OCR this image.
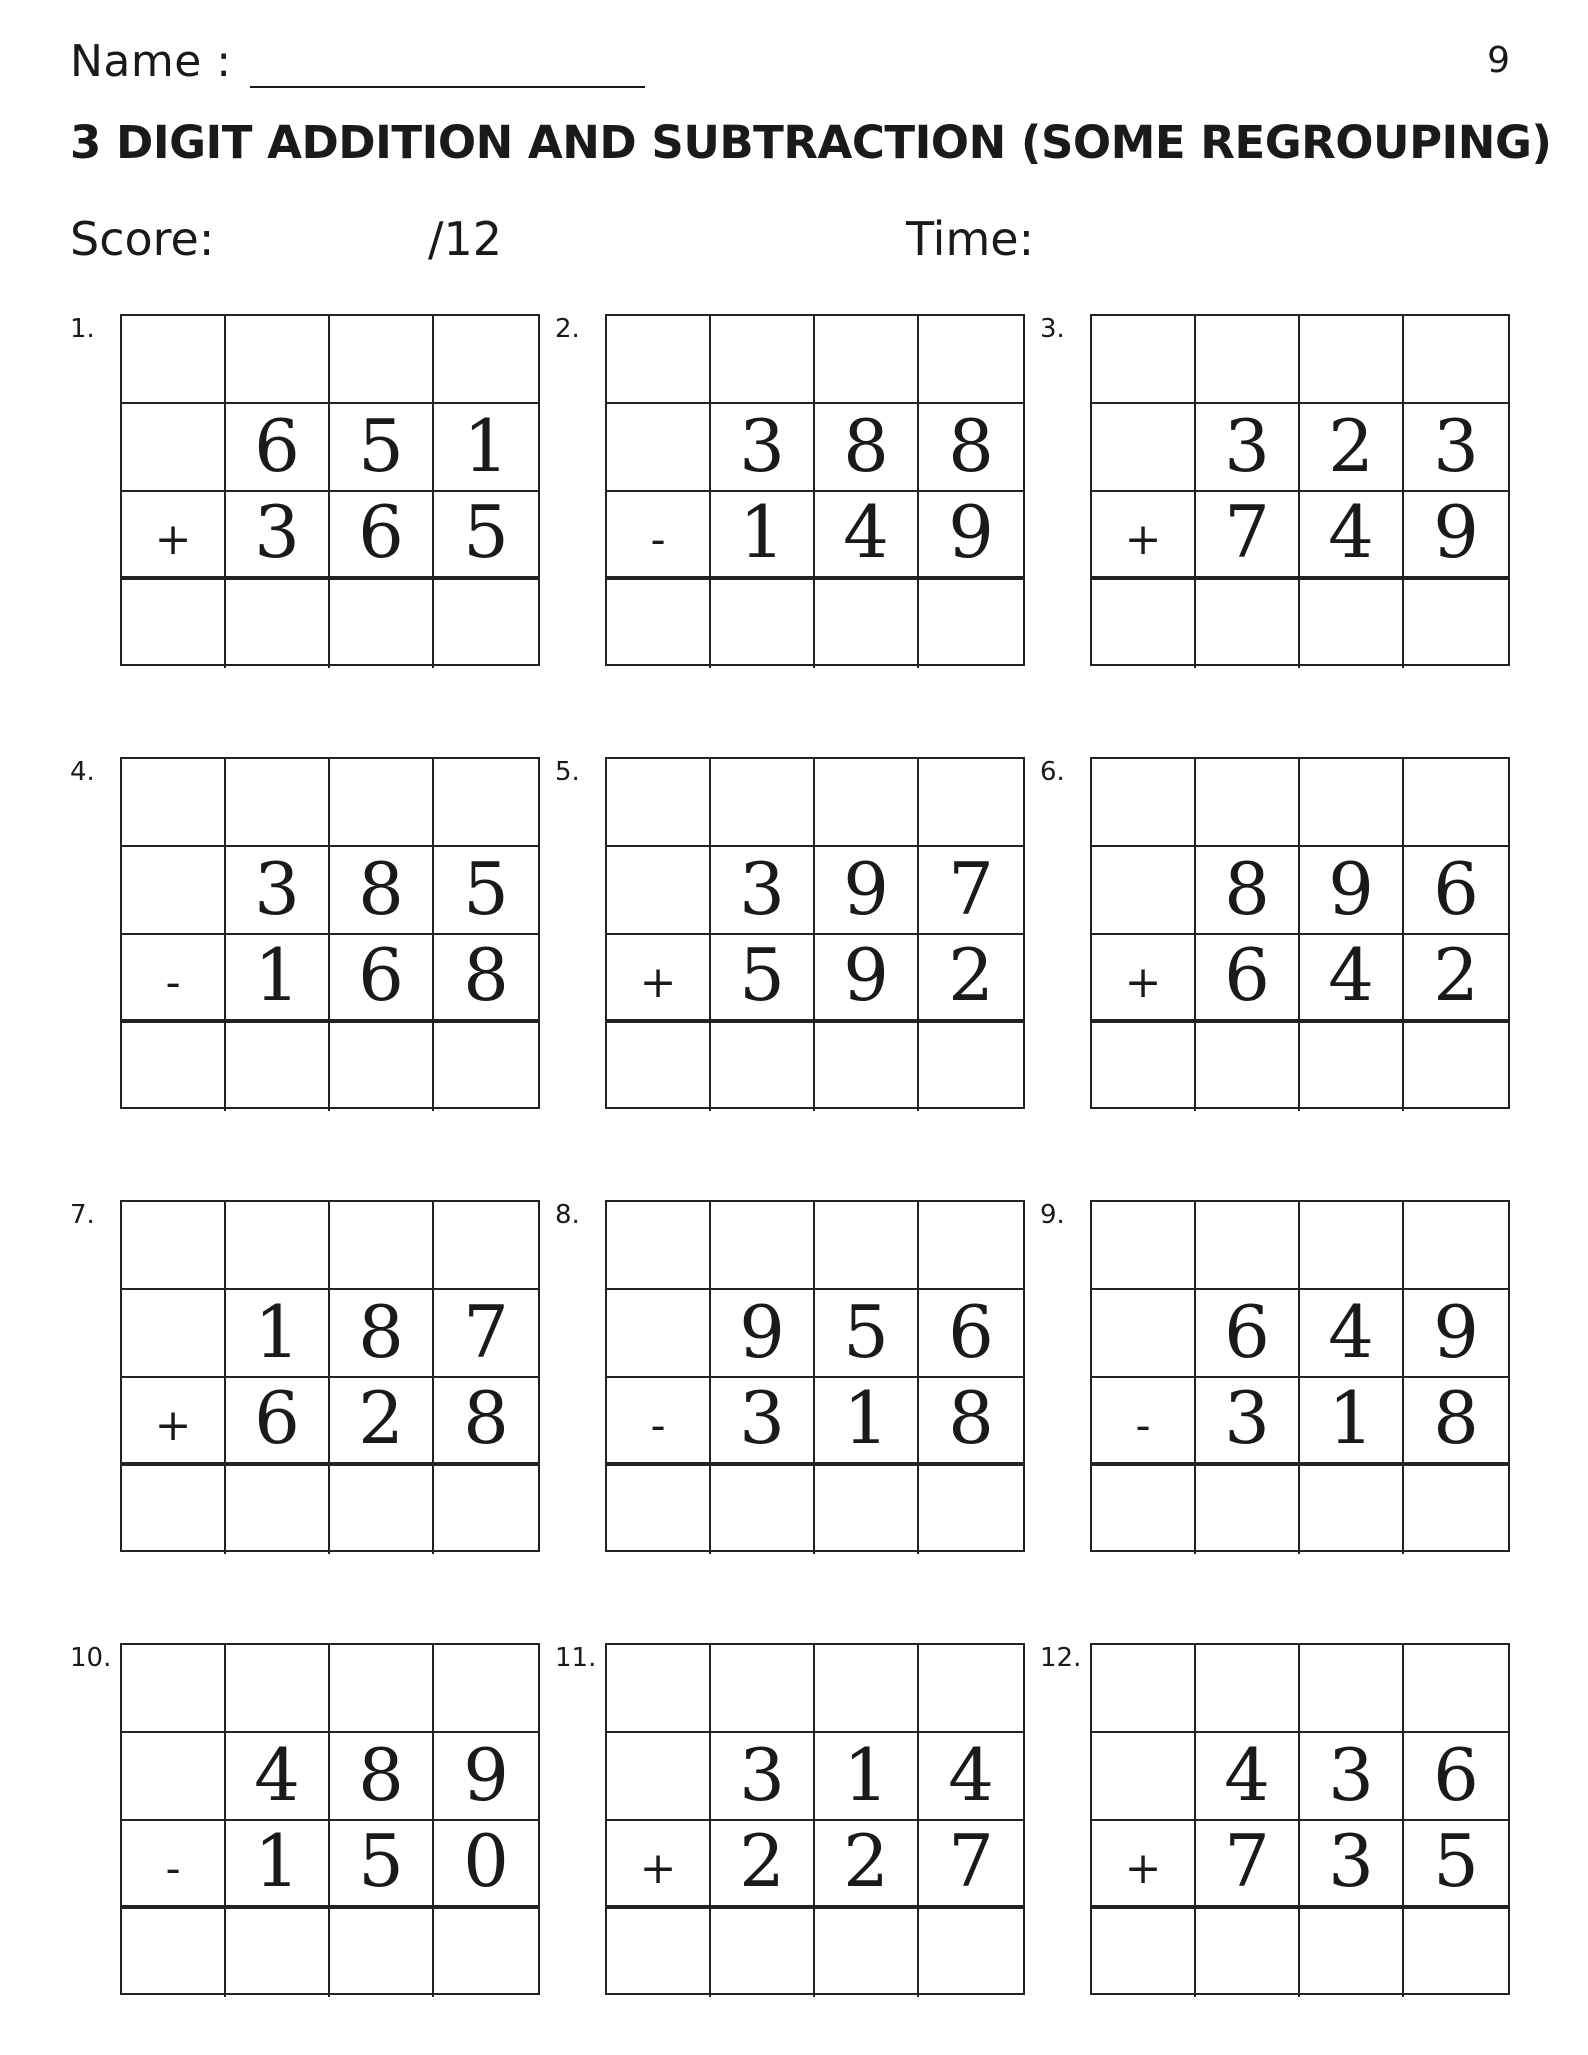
Name :	9
3 DIGIT ADDITION AND SUBTRACTION (SOME REGROUPING)
Score:	/12	Time:
1.
6 5 1
+ 3 6 5
2.
3 8 8
-	1 4 9
3.
3 2 3
+ 7 4 9
4.
3 8 5
-	1 6 8
5.
3 9 7
+ 5 9 2
6.
8 9 6
+ 6 4 2
7.
1 8 7
+ 6 2 8
8.
9 5 6
-	3 1 8
9.
6 4 9
-	3 1 8
10.
4 8 9
-	1 5 0
11.
3 1 4
+ 2 2 7
12.
4 3 6
+ 7 3 5
